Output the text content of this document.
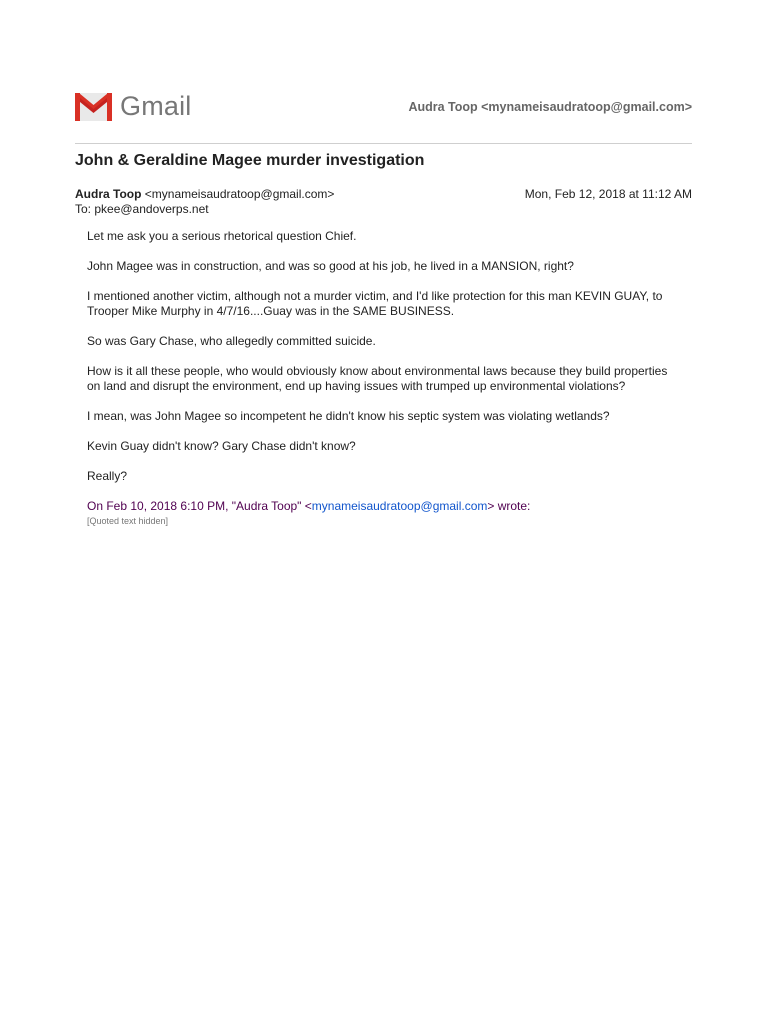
Gmail	Audra Toop <mynameisaudratoop@gmail.com>
John & Geraldine Magee murder investigation
Audra Toop <mynameisaudratoop@gmail.com>	Mon, Feb 12, 2018 at 11:12 AM
To: pkee@andoverps.net

Let me ask you a serious rhetorical question Chief.

John Magee was in construction, and was so good at his job, he lived in a MANSION, right?

I mentioned another victim, although not a murder victim, and I'd like protection for this man KEVIN GUAY, to Trooper Mike Murphy in 4/7/16....Guay was in the SAME BUSINESS.

So was Gary Chase, who allegedly committed suicide.

How is it all these people, who would obviously know about environmental laws because they build properties on land and disrupt the environment, end up having issues with trumped up environmental violations?

I mean, was John Magee so incompetent he didn't know his septic system was violating wetlands?

Kevin Guay didn't know? Gary Chase didn't know?

Really?

On Feb 10, 2018 6:10 PM, "Audra Toop" <mynameisaudratoop@gmail.com> wrote:

[Quoted text hidden]
